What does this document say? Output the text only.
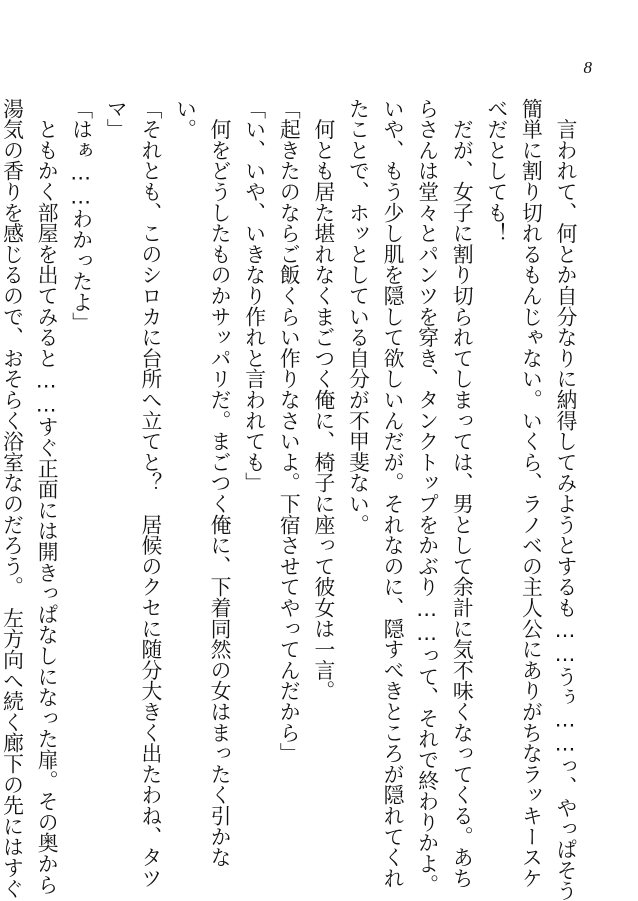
8
　言われて、何とか自分なりに納得してみようとするも……うぅ……っ、やっぱそう
簡単に割り切れるもんじゃない。いくら、ラノベの主人公にありがちなラッキースケ
べだとしても！
　だが、女子に割り切られてしまっては、男として余計に気不味くなってくる。あち
らさんは堂々とパンツを穿き、タンクトップをかぶり……って、それで終わりかよ。
いや、もう少し肌を隠して欲しいんだが。それなのに、隠すべきところが隠れてくれ
たことで、ホッとしている自分が不甲斐ない。
　何とも居た堪れなくまごつく俺に、椅子に座って彼女は一言。
「起きたのならご飯くらい作りなさいよ。下宿させてやってんだから」
「い、いや、いきなり作れと言われても」
　何をどうしたものかサッパリだ。まごつく俺に、下着同然の女はまったく引かな
い。
「それとも、このシロカに台所へ立てと？　居候のクセに随分大きく出たわね、タツ
マ」
「はぁ……わかったよ」
　ともかく部屋を出てみると……すぐ正面には開きっぱなしになった扉。その奥から
湯気の香りを感じるので、おそらく浴室なのだろう。　左方向へ続く廊下の先にはすぐ
